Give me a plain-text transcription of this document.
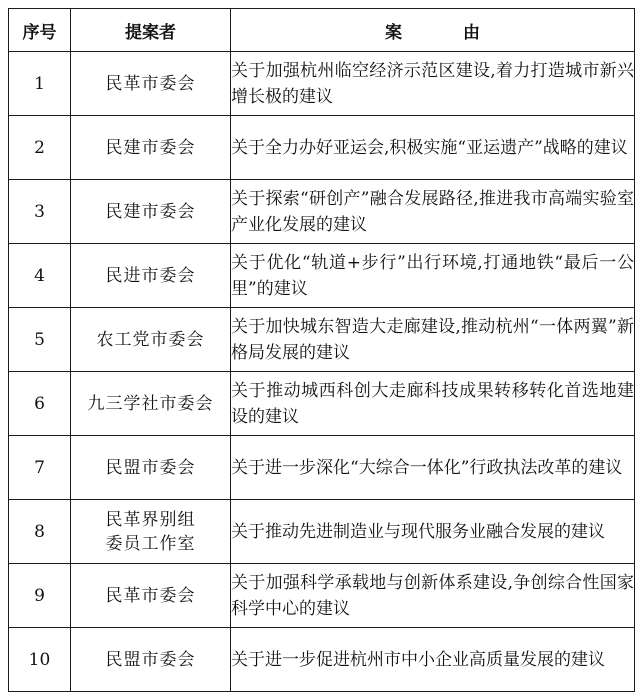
序号	提案者	案　由
1	民革市委会	关于加强杭州临空经济示范区建设,着力打造城市新兴增长极的建议
2	民建市委会	关于全力办好亚运会,积极实施“亚运遗产”战略的建议
3	民建市委会	关于探索“研创产”融合发展路径,推进我市高端实验室产业化发展的建议
4	民进市委会	关于优化“轨道+步行”出行环境,打通地铁“最后一公里”的建议
5	农工党市委会	关于加快城东智造大走廊建设,推动杭州“一体两翼”新格局发展的建议
6	九三学社市委会	关于推动城西科创大走廊科技成果转移转化首选地建设的建议
7	民盟市委会	关于进一步深化“大综合一体化”行政执法改革的建议
8	民革界别组委员工作室	关于推动先进制造业与现代服务业融合发展的建议
9	民革市委会	关于加强科学承载地与创新体系建设,争创综合性国家科学中心的建议
10	民盟市委会	关于进一步促进杭州市中小企业高质量发展的建议
